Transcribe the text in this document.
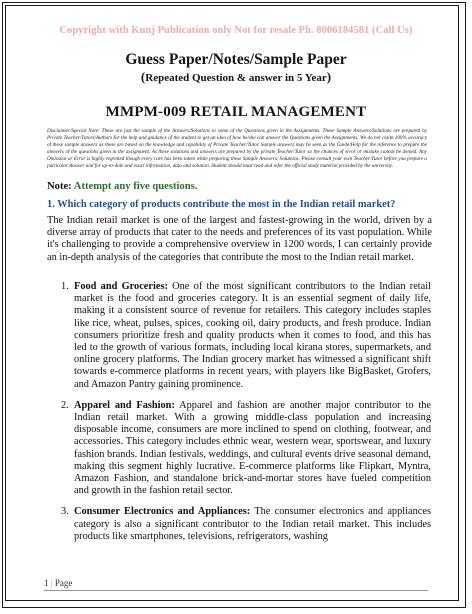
Copyright with Kunj Publication only Not for resale Ph. 8006184581 (Call Us)
Guess Paper/Notes/Sample Paper
(Repeated Question & answer in 5 Year)
MMPM-009 RETAIL MANAGEMENT
Disclaimer/Special Note: These are just the sample of the Answers/Solutions to some of the Questions given in the Assignments. These Sample Answers/Solutions are prepared by Private Teacher/Tutors/Authors for the help and guidance of the student to get an idea of how he/she can answer the Questions given the Assignments. We do not claim 100% accuracy of these sample answers as these are based on the knowledge and capability of Private Teacher/Tutor. Sample answers may be seen as the Guide/Help for the reference to prepare the answers of the questions given in the assignment. As these solutions and answers are prepared by the private Teacher/Tutor so the chances of error or mistake cannot be denied. Any Omission or Error is highly regretted though every care has been taken while preparing these Sample Answers/ Solutions. Please consult your own Teacher/Tutor before you prepare a particular Answer and for up-to-date and exact information, data and solution. Student should must read and refer the official study material provided by the university.
Note: Attempt any five questions.
1. Which category of products contribute the most in the Indian retail market?
The Indian retail market is one of the largest and fastest-growing in the world, driven by a diverse array of products that cater to the needs and preferences of its vast population. While it's challenging to provide a comprehensive overview in 1200 words, I can certainly provide an in-depth analysis of the categories that contribute the most to the Indian retail market.
1. Food and Groceries: One of the most significant contributors to the Indian retail market is the food and groceries category. It is an essential segment of daily life, making it a consistent source of revenue for retailers. This category includes staples like rice, wheat, pulses, spices, cooking oil, dairy products, and fresh produce. Indian consumers prioritize fresh and quality products when it comes to food, and this has led to the growth of various formats, including local kirana stores, supermarkets, and online grocery platforms. The Indian grocery market has witnessed a significant shift towards e-commerce platforms in recent years, with players like BigBasket, Grofers, and Amazon Pantry gaining prominence.
2. Apparel and Fashion: Apparel and fashion are another major contributor to the Indian retail market. With a growing middle-class population and increasing disposable income, consumers are more inclined to spend on clothing, footwear, and accessories. This category includes ethnic wear, western wear, sportswear, and luxury fashion brands. Indian festivals, weddings, and cultural events drive seasonal demand, making this segment highly lucrative. E-commerce platforms like Flipkart, Myntra, Amazon Fashion, and standalone brick-and-mortar stores have fueled competition and growth in the fashion retail sector.
3. Consumer Electronics and Appliances: The consumer electronics and appliances category is also a significant contributor to the Indian retail market. This includes products like smartphones, televisions, refrigerators, washing
1 | Page
